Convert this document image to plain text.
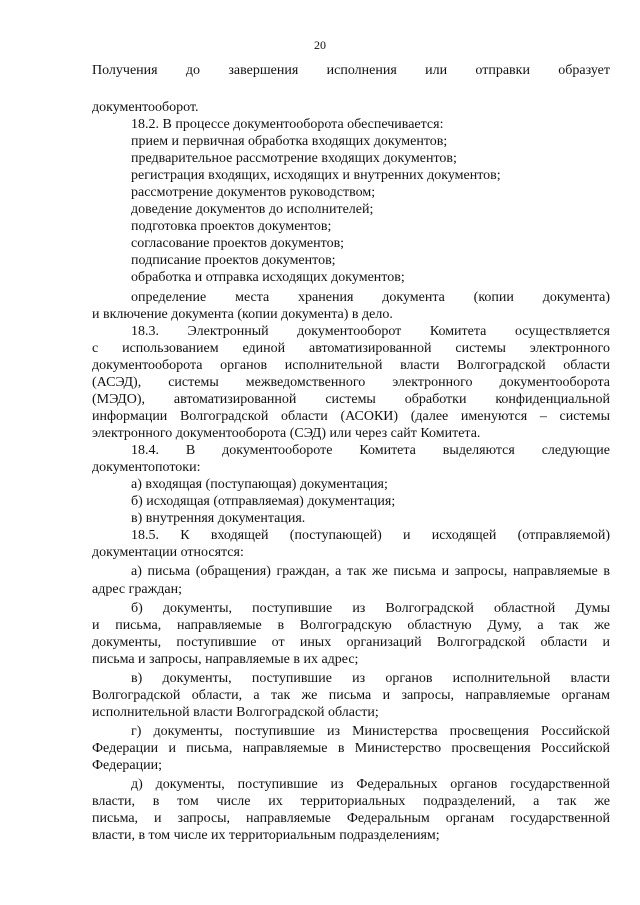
20
Получения до завершения исполнения или отправки образует
документооборот.
18.2. В процессе документооборота обеспечивается:
прием и первичная обработка входящих документов;
предварительное рассмотрение входящих документов;
регистрация входящих, исходящих и внутренних документов;
рассмотрение документов руководством;
доведение документов до исполнителей;
подготовка проектов документов;
согласование проектов документов;
подписание проектов документов;
обработка и отправка исходящих документов;
определение места хранения документа (копии документа)
и включение документа (копии документа) в дело.
18.3. Электронный документооборот Комитета осуществляется
с использованием единой автоматизированной системы электронного
документооборота органов исполнительной власти Волгоградской области
(АСЭД), системы межведомственного электронного документооборота
(МЭДО), автоматизированной системы обработки конфиденциальной
информации Волгоградской области (АСОКИ) (далее именуются – системы
электронного документооборота (СЭД) или через сайт Комитета.
18.4. В документообороте Комитета выделяются следующие
документопотоки:
а) входящая (поступающая) документация;
б) исходящая (отправляемая) документация;
в) внутренняя документация.
18.5. К входящей (поступающей) и исходящей (отправляемой)
документации относятся:
а) письма (обращения) граждан, а так же письма и запросы, направляемые в
адрес граждан;
б) документы, поступившие из Волгоградской областной Думы
и письма, направляемые в Волгоградскую областную Думу, а так же
документы, поступившие от иных организаций Волгоградской области и
письма и запросы, направляемые в их адрес;
в) документы, поступившие из органов исполнительной власти
Волгоградской области, а так же письма и запросы, направляемые органам
исполнительной власти Волгоградской области;
г) документы, поступившие из Министерства просвещения Российской
Федерации и письма, направляемые в Министерство просвещения Российской
Федерации;
д) документы, поступившие из Федеральных органов государственной
власти, в том числе их территориальных подразделений, а так же
письма, и запросы, направляемые Федеральным органам государственной
власти, в том числе их территориальным подразделениям;
